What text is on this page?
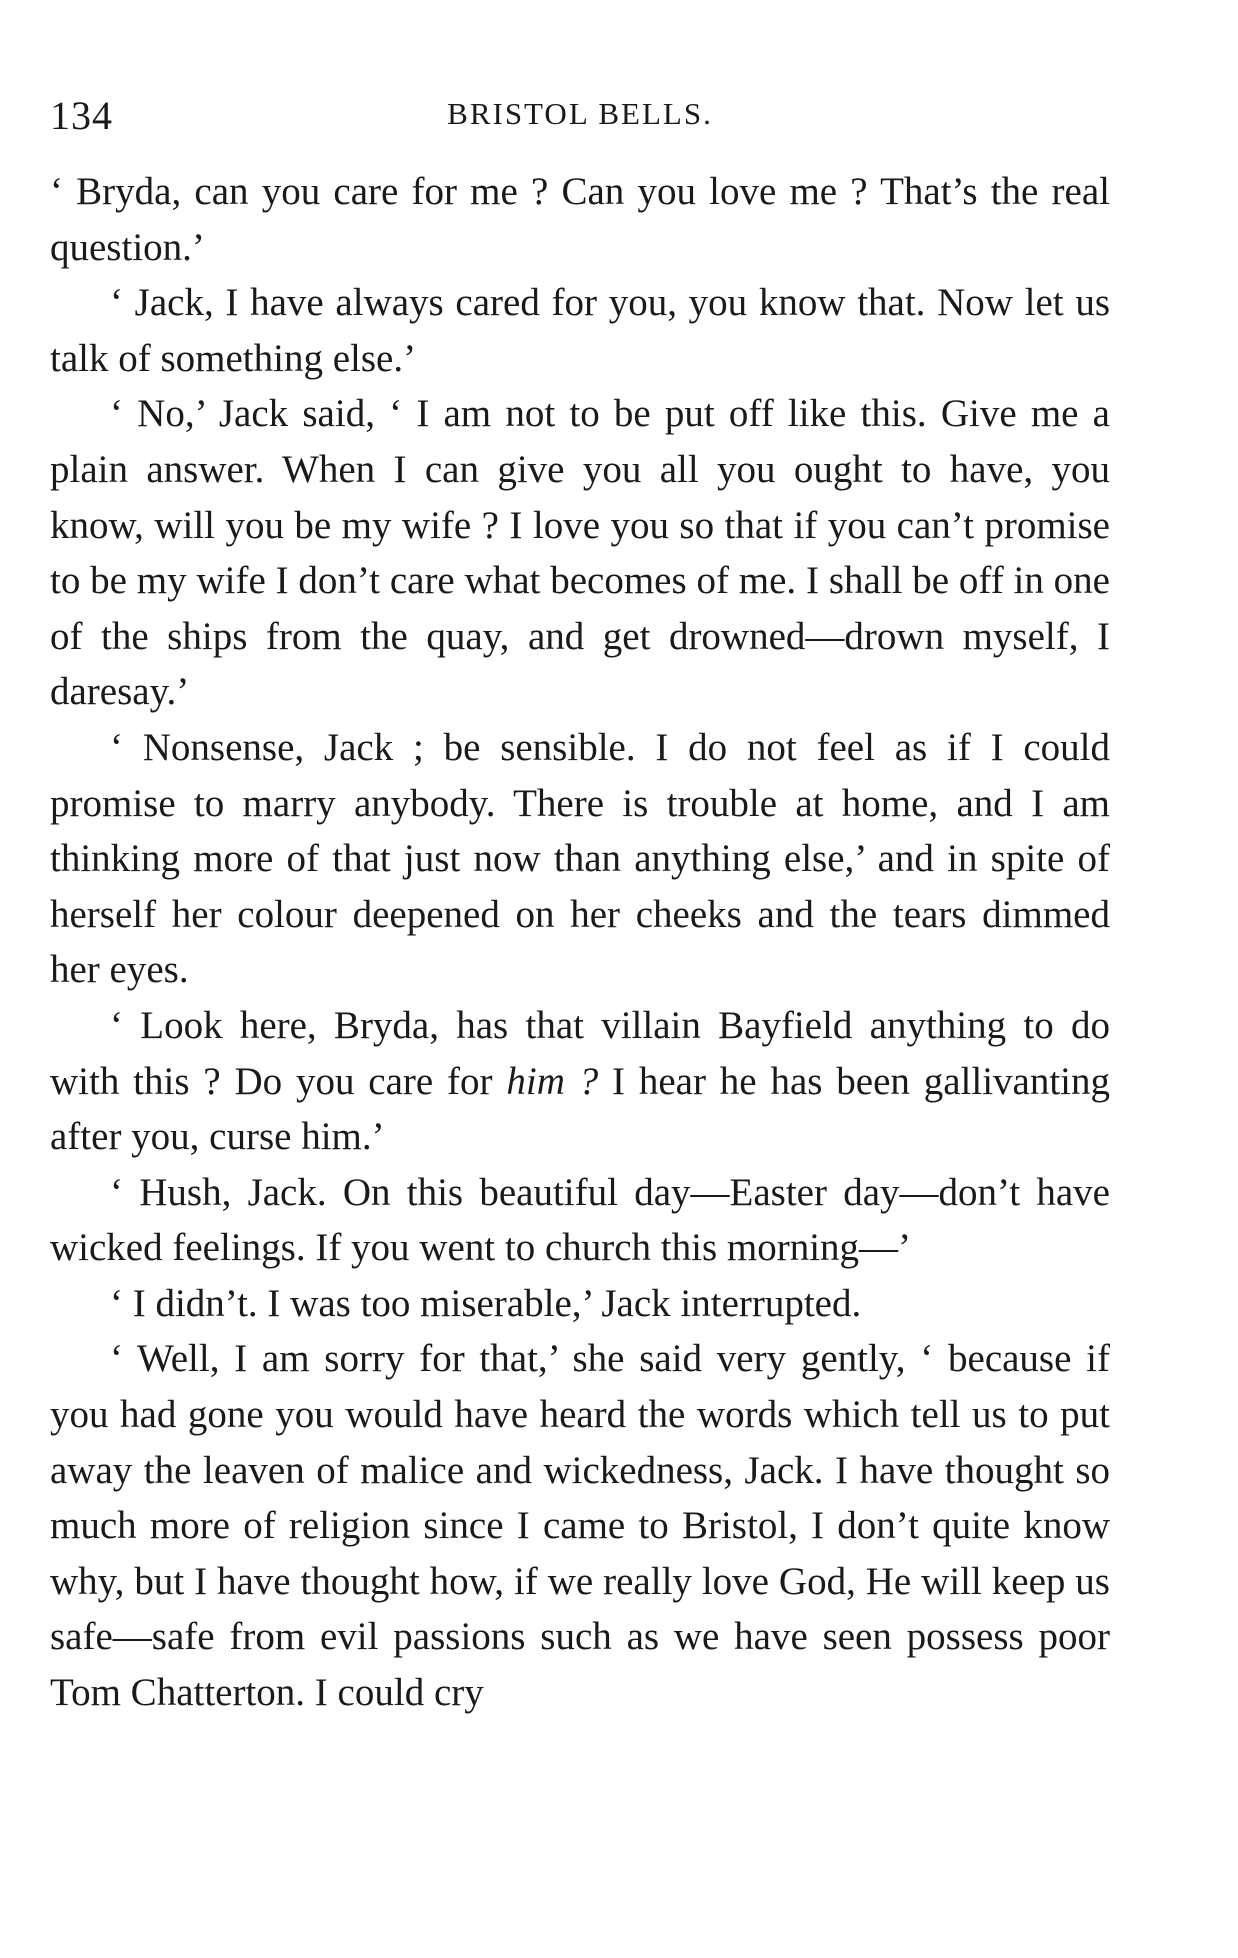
134	BRISTOL BELLS.

‘ Bryda, can you care for me ? Can you love me ? That’s the real question.’

‘ Jack, I have always cared for you, you know that. Now let us talk of something else.’

‘ No,’ Jack said, ‘ I am not to be put off like this. Give me a plain answer. When I can give you all you ought to have, you know, will you be my wife ? I love you so that if you can’t promise to be my wife I don’t care what becomes of me. I shall be off in one of the ships from the quay, and get drowned—drown myself, I daresay.’

‘ Nonsense, Jack ; be sensible. I do not feel as if I could promise to marry anybody. There is trouble at home, and I am thinking more of that just now than anything else,’ and in spite of herself her colour deepened on her cheeks and the tears dimmed her eyes.

‘ Look here, Bryda, has that villain Bayfield anything to do with this ? Do you care for him ? I hear he has been gallivanting after you, curse him.’

‘ Hush, Jack. On this beautiful day—Easter day—don’t have wicked feelings. If you went to church this morning—’

‘ I didn’t. I was too miserable,’ Jack interrupted.

‘ Well, I am sorry for that,’ she said very gently, ‘ because if you had gone you would have heard the words which tell us to put away the leaven of malice and wickedness, Jack. I have thought so much more of religion since I came to Bristol, I don’t quite know why, but I have thought how, if we really love God, He will keep us safe—safe from evil passions such as we have seen possess poor Tom Chatterton. I could cry
